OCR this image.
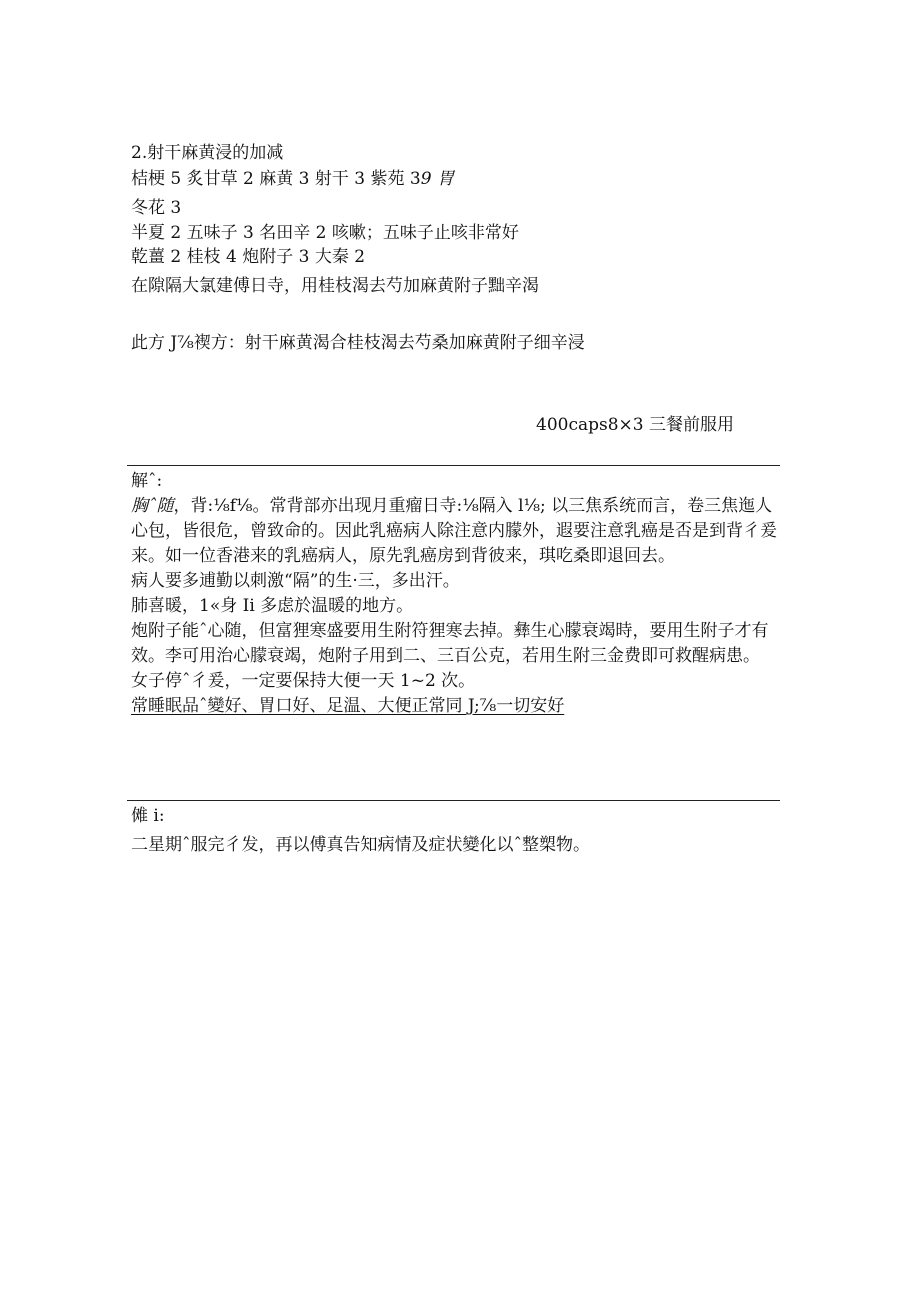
2.射干麻黄浸的加减
桔梗 5 炙甘草 2 麻黄 3 射干 3 紫苑 39 胃
冬花 3
半夏 2 五味子 3 名田辛 2 咳嗽；五味子止咳非常好
乾薑 2 桂枝 4 炮附子 3 大秦 2
在隙隔大氯建傅日寺，用桂枝渴去芍加麻黄附子黜辛渴
此方 J⅞褉方：射干麻黄渴合桂枝渴去芍桑加麻黄附子细辛浸
400caps8×3 三餐前服用

解ˆ:

胸ˆ随，背:⅛f⅛。常背部亦出现月重瘤日寺:⅛隔入 l⅛; 以三焦系统而言，卷三焦迤人心包，皆很危，曾致命的。因此乳癌病人除注意内朦外，遐要注意乳癌是否是到背彳爰来。如一位香港来的乳癌病人，原先乳癌房到背彼来，琪吃桑即退回去。

病人要多逋勤以刺激“隔”的生·三，多出汗。

肺喜暖，1«身 Ii 多虑於温暖的地方。

炮附子能ˆ心随，但富狸寒盛要用生附符狸寒去掉。彝生心朦衰竭時，要用生附子才有效。李可用治心朦衰竭，炮附子用到二、三百公克，若用生附三金费即可救醒病患。

女子停ˆ彳爰，一定要保持大便一天 1~2 次。

常睡眠品ˆ變好、胃口好、足温、大便正常同 J;⅞一切安好

傩 i:

二星期ˆ服完彳发，再以傅真告知病情及症状變化以ˆ整槊物。
